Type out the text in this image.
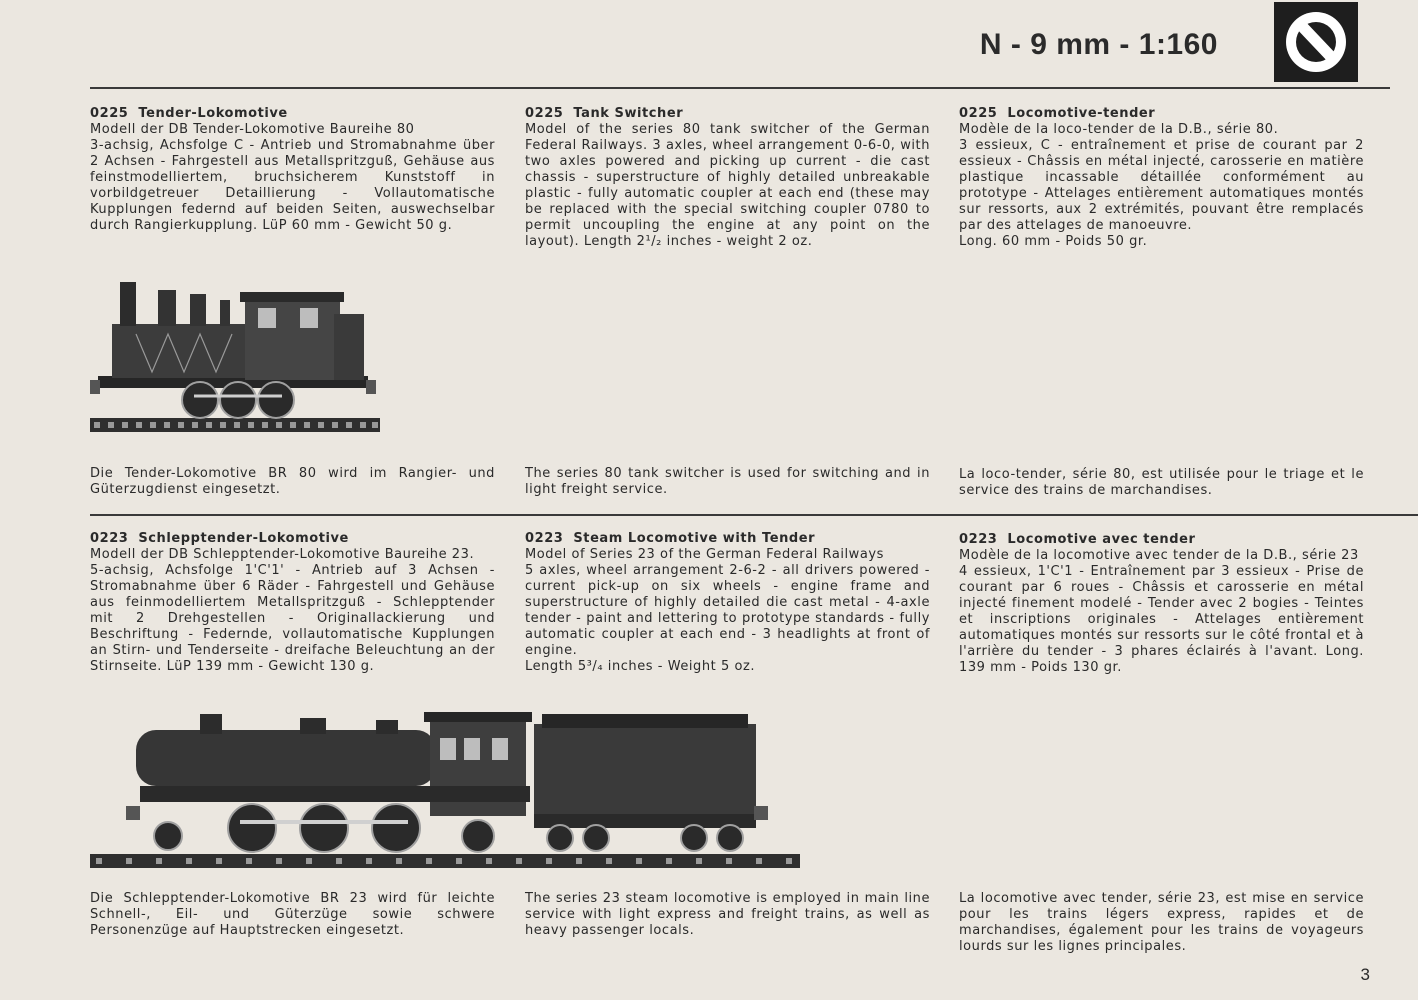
N - 9 mm - 1:160
0225 Tender-Lokomotive

Modell der DB Tender-Lokomotive Baureihe 80
3-achsig, Achsfolge C - Antrieb und Stromabnahme über 2 Achsen - Fahrgestell aus Metallspritzguß, Gehäuse aus feinstmodelliertem, bruchsicherem Kunststoff in vorbildgetreuer Detaillierung - Vollautomatische Kupplungen federnd auf beiden Seiten, auswechselbar durch Rangierkupplung. LüP 60 mm - Gewicht 50 g.

0225 Tank Switcher

Model of the series 80 tank switcher of the German Federal Railways. 3 axles, wheel arrangement 0-6-0, with two axles powered and picking up current - die cast chassis - superstructure of highly detailed unbreakable plastic - fully automatic coupler at each end (these may be replaced with the special switching coupler 0780 to permit uncoupling the engine at any point on the layout). Length 2¹/₂ inches - weight 2 oz.

0225 Locomotive-tender

Modèle de la loco-tender de la D.B., série 80.
3 essieux, C - entraînement et prise de courant par 2 essieux - Châssis en métal injecté, carosserie en matière plastique incassable détaillée conformément au prototype - Attelages entièrement automatiques montés sur ressorts, aux 2 extrémités, pouvant être remplacés par des attelages de manoeuvre.
Long. 60 mm - Poids 50 gr.

Die Tender-Lokomotive BR 80 wird im Rangier- und Güterzugdienst eingesetzt.
The series 80 tank switcher is used for switching and in light freight service.
La loco-tender, série 80, est utilisée pour le triage et le service des trains de marchandises.
0223 Schlepptender-Lokomotive

Modell der DB Schlepptender-Lokomotive Baureihe 23.
5-achsig, Achsfolge 1'C'1' - Antrieb auf 3 Achsen - Stromabnahme über 6 Räder - Fahrgestell und Gehäuse aus feinmodelliertem Metallspritzguß - Schlepptender mit 2 Drehgestellen - Originallackierung und Beschriftung - Federnde, vollautomatische Kupplungen an Stirn- und Tenderseite - dreifache Beleuchtung an der Stirnseite. LüP 139 mm - Gewicht 130 g.

0223 Steam Locomotive with Tender

Model of Series 23 of the German Federal Railways
5 axles, wheel arrangement 2-6-2 - all drivers powered - current pick-up on six wheels - engine frame and superstructure of highly detailed die cast metal - 4-axle tender - paint and lettering to prototype standards - fully automatic coupler at each end - 3 headlights at front of engine.
Length 5³/₄ inches - Weight 5 oz.

0223 Locomotive avec tender

Modèle de la locomotive avec tender de la D.B., série 23
4 essieux, 1'C'1 - Entraînement par 3 essieux - Prise de courant par 6 roues - Châssis et carosserie en métal injecté finement modelé - Tender avec 2 bogies - Teintes et inscriptions originales - Attelages entièrement automatiques montés sur ressorts sur le côté frontal et à l'arrière du tender - 3 phares éclairés à l'avant. Long. 139 mm - Poids 130 gr.

Die Schlepptender-Lokomotive BR 23 wird für leichte Schnell-, Eil- und Güterzüge sowie schwere Personenzüge auf Hauptstrecken eingesetzt.
The series 23 steam locomotive is employed in main line service with light express and freight trains, as well as heavy passenger locals.
La locomotive avec tender, série 23, est mise en service pour les trains légers express, rapides et de marchandises, également pour les trains de voyageurs lourds sur les lignes principales.
3
